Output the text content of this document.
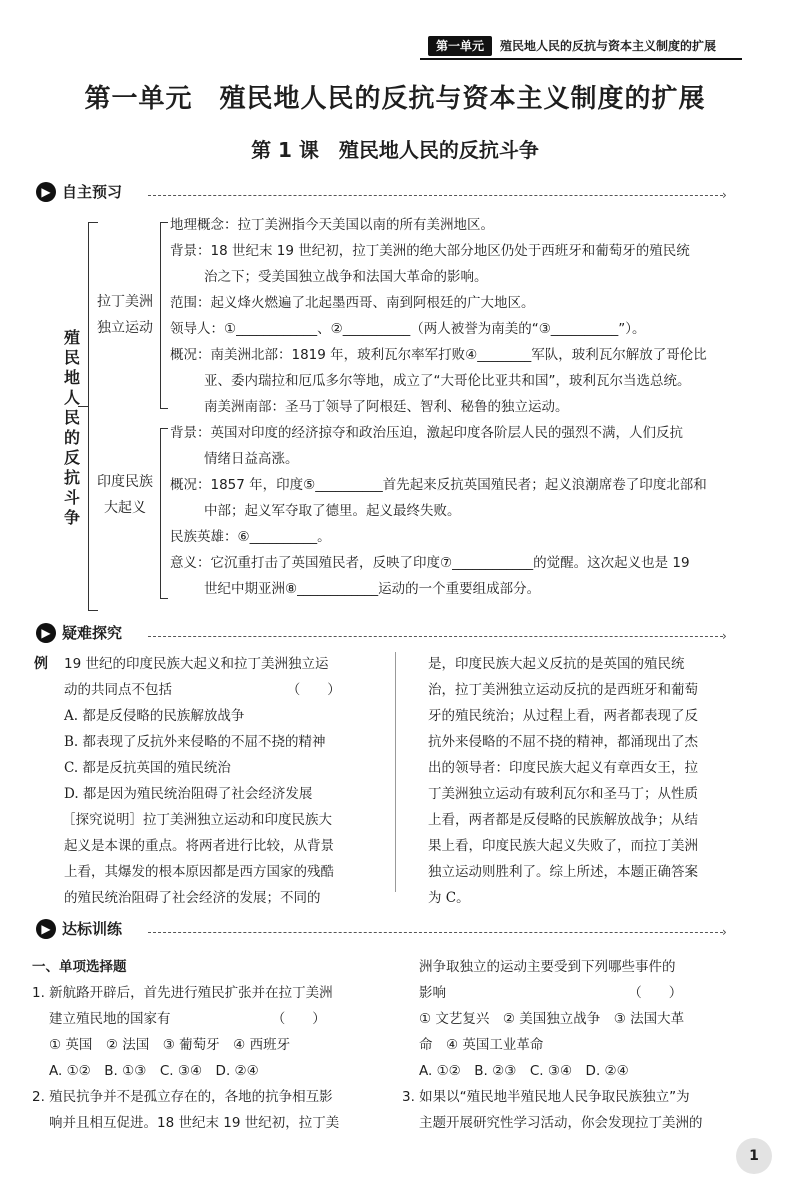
第一单元	殖民地人民的反抗与资本主义制度的扩展
第一单元　殖民地人民的反抗与资本主义制度的扩展
第 1 课　殖民地人民的反抗斗争
▶ 自主预习	›
殖民地人民的反抗斗争
拉丁美洲
独立运动
印度民族
大起义
地理概念：拉丁美洲指今天美国以南的所有美洲地区。
背景：18 世纪末 19 世纪初，拉丁美洲的绝大部分地区仍处于西班牙和葡萄牙的殖民统
治之下；受美国独立战争和法国大革命的影响。
范围：起义烽火燃遍了北起墨西哥、南到阿根廷的广大地区。
领导人：①____________、②__________（两人被誉为南美的“③__________”）。
概况：南美洲北部：1819 年，玻利瓦尔率军打败④________军队，玻利瓦尔解放了哥伦比
亚、委内瑞拉和厄瓜多尔等地，成立了“大哥伦比亚共和国”，玻利瓦尔当选总统。
南美洲南部：圣马丁领导了阿根廷、智利、秘鲁的独立运动。
背景：英国对印度的经济掠夺和政治压迫，激起印度各阶层人民的强烈不满，人们反抗
情绪日益高涨。
概况：1857 年，印度⑤__________首先起来反抗英国殖民者；起义浪潮席卷了印度北部和
中部；起义军夺取了德里。起义最终失败。
民族英雄：⑥__________。
意义：它沉重打击了英国殖民者，反映了印度⑦____________的觉醒。这次起义也是 19
世纪中期亚洲⑧____________运动的一个重要组成部分。
▶ 疑难探究	›
例 19 世纪的印度民族大起义和拉丁美洲独立运

动的共同点不包括　　　　　　　　　（　　）

A. 都是反侵略的民族解放战争

B. 都表现了反抗外来侵略的不屈不挠的精神

C. 都是反抗英国的殖民统治

D. 都是因为殖民统治阻碍了社会经济发展

［探究说明］拉丁美洲独立运动和印度民族大

起义是本课的重点。将两者进行比较，从背景

上看，其爆发的根本原因都是西方国家的残酷

的殖民统治阻碍了社会经济的发展；不同的

是，印度民族大起义反抗的是英国的殖民统

治，拉丁美洲独立运动反抗的是西班牙和葡萄

牙的殖民统治；从过程上看，两者都表现了反

抗外来侵略的不屈不挠的精神，都涌现出了杰

出的领导者：印度民族大起义有章西女王，拉

丁美洲独立运动有玻利瓦尔和圣马丁；从性质

上看，两者都是反侵略的民族解放战争；从结

果上看，印度民族大起义失败了，而拉丁美洲

独立运动则胜利了。综上所述，本题正确答案

为 C。

▶ 达标训练	›

一、单项选择题

1. 新航路开辟后，首先进行殖民扩张并在拉丁美洲

建立殖民地的国家有　　　　　　　　（　　）

① 英国　② 法国　③ 葡萄牙　④ 西班牙

A. ①②　B. ①③　C. ③④　D. ②④

2. 殖民抗争并不是孤立存在的，各地的抗争相互影

响并且相互促进。18 世纪末 19 世纪初，拉丁美

洲争取独立的运动主要受到下列哪些事件的

影响　　　　　　　　　　　　　　（　　）

① 文艺复兴　② 美国独立战争　③ 法国大革

命　④ 英国工业革命

A. ①②　B. ②③　C. ③④　D. ②④

3. 如果以“殖民地半殖民地人民争取民族独立”为

主题开展研究性学习活动，你会发现拉丁美洲的

1
